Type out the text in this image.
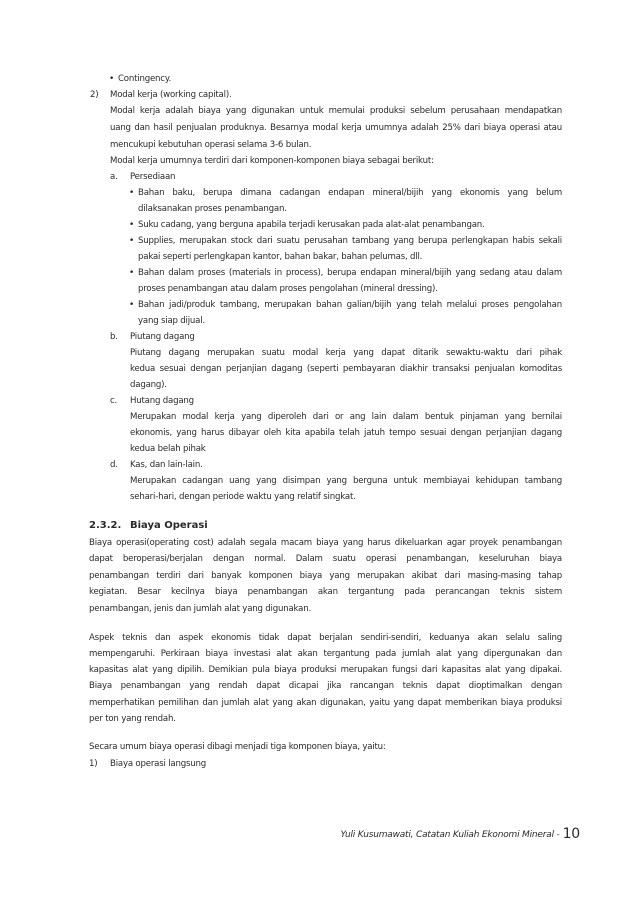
• Contingency.
2) Modal kerja (working capital).
Modal kerja adalah biaya yang digunakan untuk memulai produksi sebelum perusahaan mendapatkan
uang dan hasil penjualan produknya. Besarnya modal kerja umumnya adalah 25% dari biaya operasi atau
mencukupi kebutuhan operasi selama 3-6 bulan.
Modal kerja umumnya terdiri dari komponen-komponen biaya sebagai berikut:
a. Persediaan
• Bahan baku, berupa dimana cadangan endapan mineral/bijih yang ekonomis yang belum
dilaksanakan proses penambangan.
• Suku cadang, yang berguna apabila terjadi kerusakan pada alat-alat penambangan.
• Supplies, merupakan stock dari suatu perusahan tambang yang berupa perlengkapan habis sekali
pakai seperti perlengkapan kantor, bahan bakar, bahan pelumas, dll.
• Bahan dalam proses (materials in process), berupa endapan mineral/bijih yang sedang atau dalam
proses penambangan atau dalam proses pengolahan (mineral dressing).
• Bahan jadi/produk tambang, merupakan bahan galian/bijih yang telah melalui proses pengolahan
yang siap dijual.
b. Piutang dagang
Piutang dagang merupakan suatu modal kerja yang dapat ditarik sewaktu-waktu dari pihak
kedua sesuai dengan perjanjian dagang (seperti pembayaran diakhir transaksi penjualan komoditas
dagang).
c. Hutang dagang
Merupakan modal kerja yang diperoleh dari or ang lain dalam bentuk pinjaman yang bernilai
ekonomis, yang harus dibayar oleh kita apabila telah jatuh tempo sesuai dengan perjanjian dagang
kedua belah pihak
d. Kas, dan lain-lain.
Merupakan cadangan uang yang disimpan yang berguna untuk membiayai kehidupan tambang
sehari-hari, dengan periode waktu yang relatif singkat.
2.3.2. Biaya Operasi
Biaya operasi(operating cost) adalah segala macam biaya yang harus dikeluarkan agar proyek penambangan
dapat beroperasi/berjalan dengan normal. Dalam suatu operasi penambangan, keseluruhan biaya
penambangan terdiri dari banyak komponen biaya yang merupakan akibat dari masing-masing tahap
kegiatan. Besar kecilnya biaya penambangan akan tergantung pada perancangan teknis sistem
penambangan, jenis dan jumlah alat yang digunakan.
Aspek teknis dan aspek ekonomis tidak dapat berjalan sendiri-sendiri, keduanya akan selalu saling
mempengaruhi. Perkiraan biaya investasi alat akan tergantung pada jumlah alat yang dipergunakan dan
kapasitas alat yang dipilih. Demikian pula biaya produksi merupakan fungsi dari kapasitas alat yang dipakai.
Biaya penambangan yang rendah dapat dicapai jika rancangan teknis dapat dioptimalkan dengan
memperhatikan pemilihan dan jumlah alat yang akan digunakan, yaitu yang dapat memberikan biaya produksi
per ton yang rendah.
Secara umum biaya operasi dibagi menjadi tiga komponen biaya, yaitu:
1) Biaya operasi langsung
Yuli Kusumawati, Catatan Kuliah Ekonomi Mineral - 10
